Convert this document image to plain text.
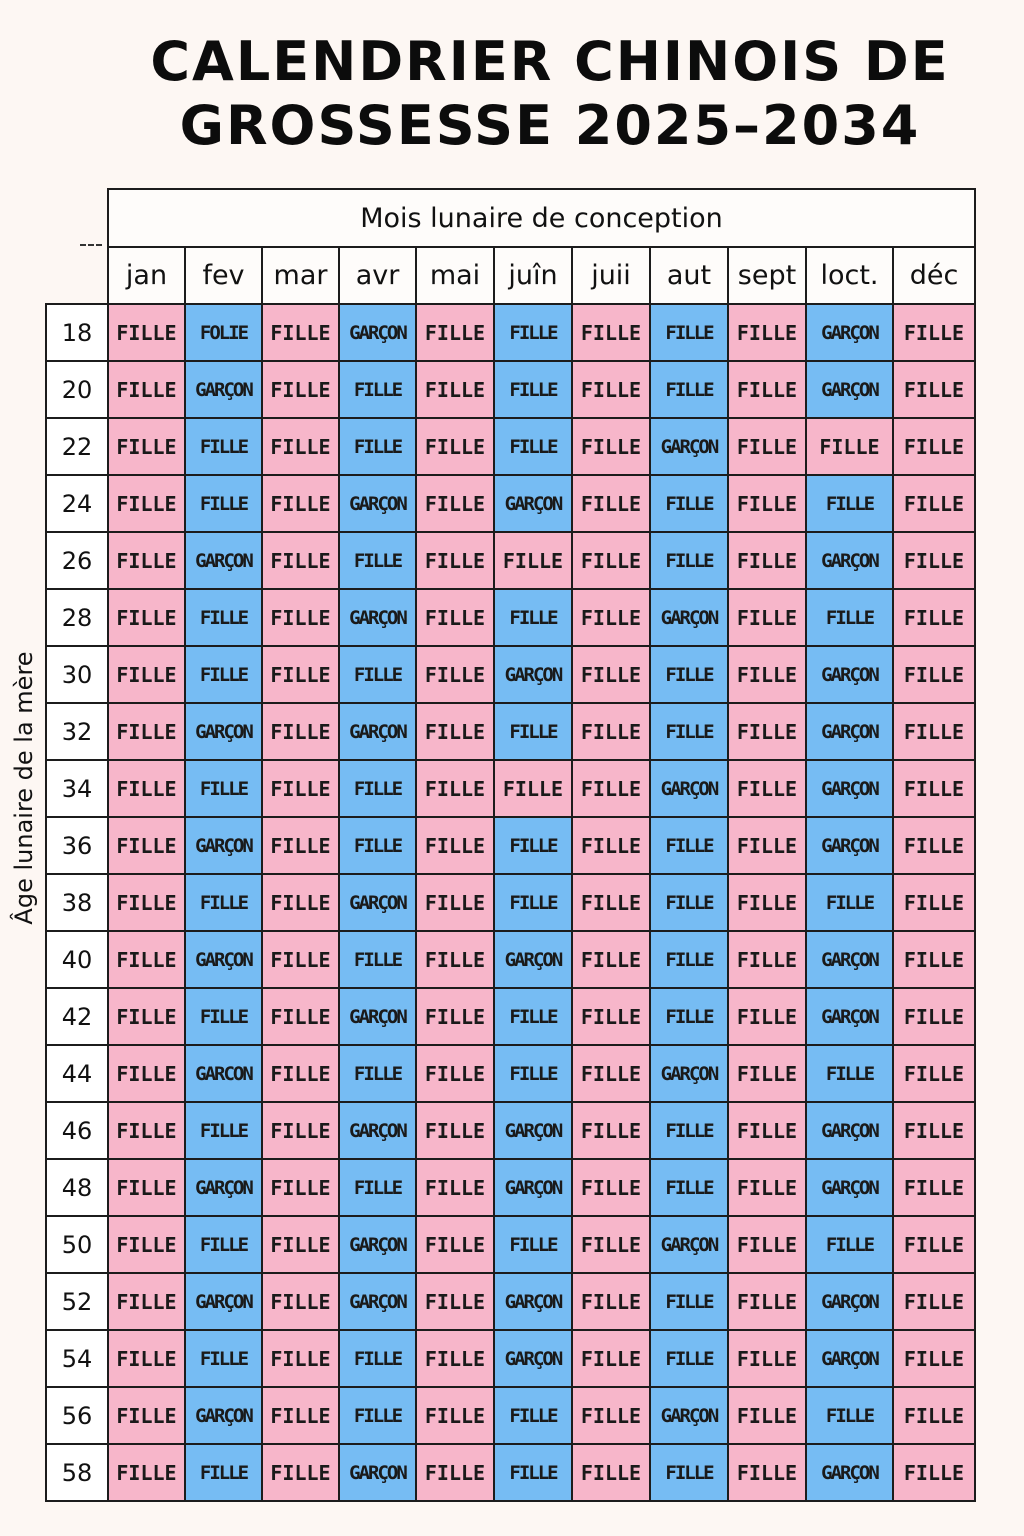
CALENDRIER CHINOIS DE
GROSSESSE 2025–2034
Âge lunaire de la mère
	Mois lunaire de conception										
	jan	fev	mar	avr	mai	juîn	juii	aut	sept	loct.	déc
18	FILLE	FOLIE	FILLE	GARÇON	FILLE	FILLE	FILLE	FILLE	FILLE	GARÇON	FILLE
20	FILLE	GARÇON	FILLE	FILLE	FILLE	FILLE	FILLE	FILLE	FILLE	GARÇON	FILLE
22	FILLE	FILLE	FILLE	FILLE	FILLE	FILLE	FILLE	GARÇON	FILLE	FILLE	FILLE
24	FILLE	FILLE	FILLE	GARÇON	FILLE	GARÇON	FILLE	FILLE	FILLE	FILLE	FILLE
26	FILLE	GARÇON	FILLE	FILLE	FILLE	FILLE	FILLE	FILLE	FILLE	GARÇON	FILLE
28	FILLE	FILLE	FILLE	GARÇON	FILLE	FILLE	FILLE	GARÇON	FILLE	FILLE	FILLE
30	FILLE	FILLE	FILLE	FILLE	FILLE	GARÇON	FILLE	FILLE	FILLE	GARÇON	FILLE
32	FILLE	GARÇON	FILLE	GARÇON	FILLE	FILLE	FILLE	FILLE	FILLE	GARÇON	FILLE
34	FILLE	FILLE	FILLE	FILLE	FILLE	FILLE	FILLE	GARÇON	FILLE	GARÇON	FILLE
36	FILLE	GARÇON	FILLE	FILLE	FILLE	FILLE	FILLE	FILLE	FILLE	GARÇON	FILLE
38	FILLE	FILLE	FILLE	GARÇON	FILLE	FILLE	FILLE	FILLE	FILLE	FILLE	FILLE
40	FILLE	GARÇON	FILLE	FILLE	FILLE	GARÇON	FILLE	FILLE	FILLE	GARÇON	FILLE
42	FILLE	FILLE	FILLE	GARÇON	FILLE	FILLE	FILLE	FILLE	FILLE	GARÇON	FILLE
44	FILLE	GARCON	FILLE	FILLE	FILLE	FILLE	FILLE	GARÇON	FILLE	FILLE	FILLE
46	FILLE	FILLE	FILLE	GARÇON	FILLE	GARÇON	FILLE	FILLE	FILLE	GARÇON	FILLE
48	FILLE	GARÇON	FILLE	FILLE	FILLE	GARÇON	FILLE	FILLE	FILLE	GARÇON	FILLE
50	FILLE	FILLE	FILLE	GARÇON	FILLE	FILLE	FILLE	GARÇON	FILLE	FILLE	FILLE
52	FILLE	GARÇON	FILLE	GARÇON	FILLE	GARÇON	FILLE	FILLE	FILLE	GARÇON	FILLE
54	FILLE	FILLE	FILLE	FILLE	FILLE	GARÇON	FILLE	FILLE	FILLE	GARÇON	FILLE
56	FILLE	GARÇON	FILLE	FILLE	FILLE	FILLE	FILLE	GARÇON	FILLE	FILLE	FILLE
58	FILLE	FILLE	FILLE	GARÇON	FILLE	FILLE	FILLE	FILLE	FILLE	GARÇON	FILLE
